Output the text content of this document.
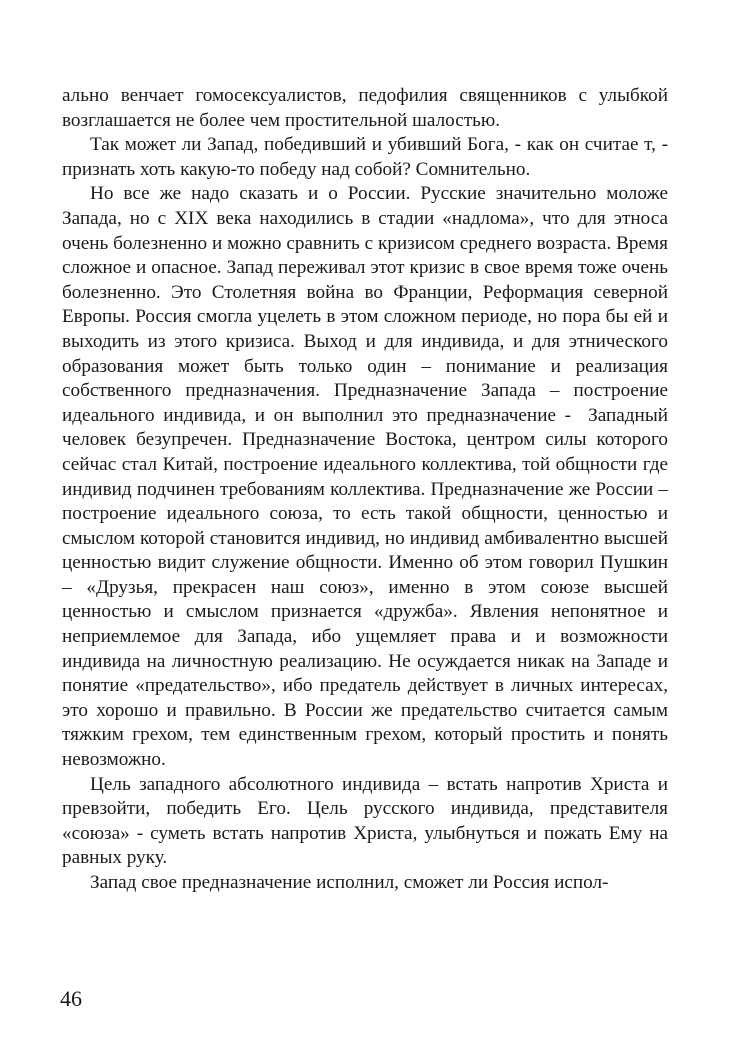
ально венчает гомосексуалистов, педофилия священников с улыбкой возглашается не более чем простительной шалостью.

Так может ли Запад, победивший и убивший Бога, - как он считаe т, - признать хоть какую-то победу над собой? Сомнительно.

Но все же надо сказать и о России. Русские значительно моложе Запада, но с XIX века находились в стадии «надлома», что для этноса очень болезненно и можно сравнить с кризисом среднего возраста. Время сложное и опасное. Запад переживал этот кризис в свое время тоже очень болезненно. Это Столетняя война во Франции, Реформация северной Европы. Россия смогла уцелеть в этом сложном периоде, но пора бы ей и выходить из этого кризиса. Выход и для индивида, и для этнического образования может быть только один – понимание и реализация собственного предназначения. Предназначение Запада – построение идеального индивида, и он выполнил это предназначение -  Западный человек безупречен. Предназначение Востока, центром силы которого сейчас стал Китай, построение идеального коллектива, той общности где индивид подчинен требованиям коллектива. Предназначение же России – построение идеального союза, то есть такой общности, ценностью и смыслом которой становится индивид, но индивид амбивалентно высшей ценностью видит служение общности. Именно об этом говорил Пушкин – «Друзья, прекрасен наш союз», именно в этом союзе высшей ценностью и смыслом признается «дружба». Явления непонятное и неприемлемое для Запада, ибо ущемляет права и и возможности индивида на личностную реализацию. Не осуждается никак на Западе и понятие «предательство», ибо предатель действует в личных интересах, это хорошо и правильно. В России же предательство считается самым тяжким грехом, тем единственным грехом, который простить и понять невозможно.

Цель западного абсолютного индивида – встать напротив Христа и превзойти, победить Его. Цель русского индивида, представителя «союза» - суметь встать напротив Христа, улыбнуться и пожать Ему на равных руку.

Запад свое предназначение исполнил, сможет ли Россия испол-

46
